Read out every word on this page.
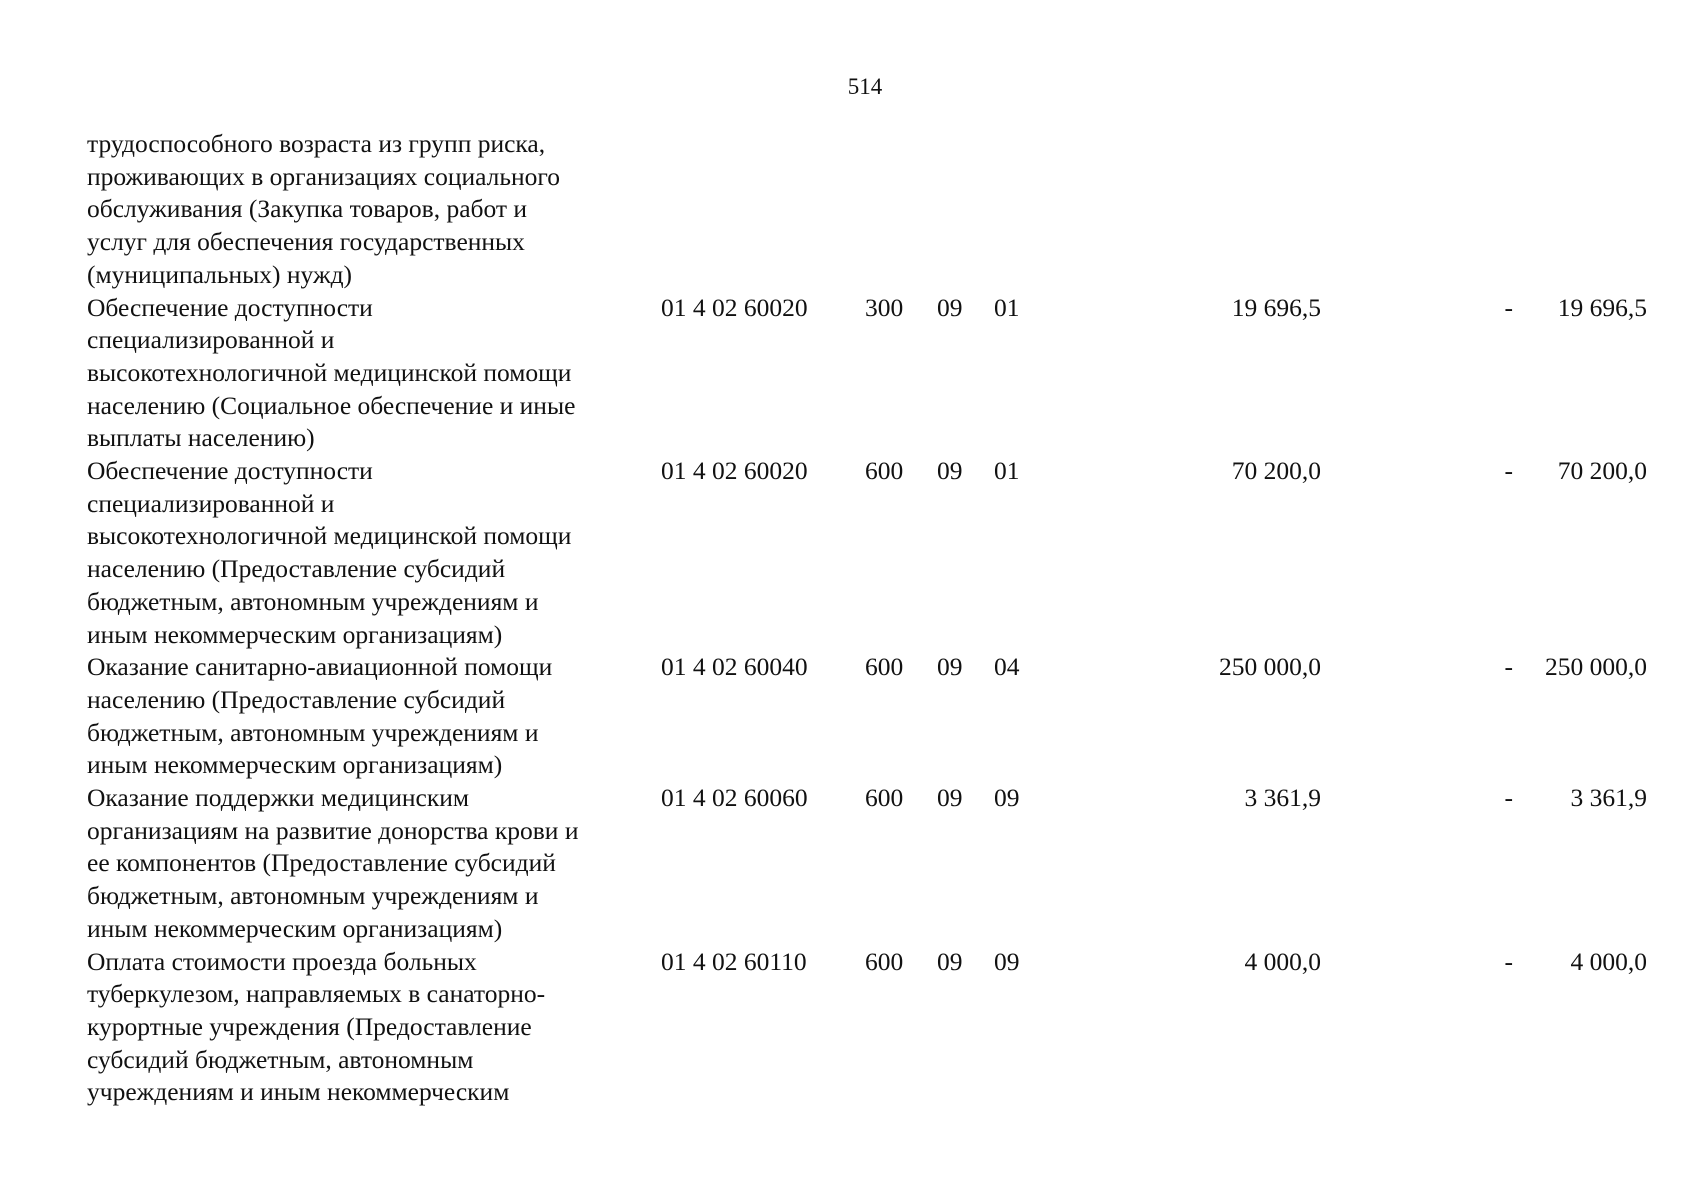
514
трудоспособного возраста из групп риска,
проживающих в организациях социального
обслуживания (Закупка товаров, работ и
услуг для обеспечения государственных
(муниципальных) нужд)
Обеспечение доступности
специализированной и
высокотехнологичной медицинской помощи
населению (Социальное обеспечение и иные
выплаты населению)
01 4 02 60020 300 09 01	19 696,5	- 19 696,5
Обеспечение доступности
специализированной и
высокотехнологичной медицинской помощи
населению (Предоставление субсидий
бюджетным, автономным учреждениям и
иным некоммерческим организациям)
01 4 02 60020 600 09 01	70 200,0	- 70 200,0
Оказание санитарно-авиационной помощи
населению (Предоставление субсидий
бюджетным, автономным учреждениям и
иным некоммерческим организациям)
01 4 02 60040 600 09 04	250 000,0	- 250 000,0
Оказание поддержки медицинским
организациям на развитие донорства крови и
ее компонентов (Предоставление субсидий
бюджетным, автономным учреждениям и
иным некоммерческим организациям)
01 4 02 60060 600 09 09	3 361,9	- 3 361,9
Оплата стоимости проезда больных
туберкулезом, направляемых в санаторно-
курортные учреждения (Предоставление
субсидий бюджетным, автономным
учреждениям и иным некоммерческим
01 4 02 60110 600 09 09	4 000,0	- 4 000,0
